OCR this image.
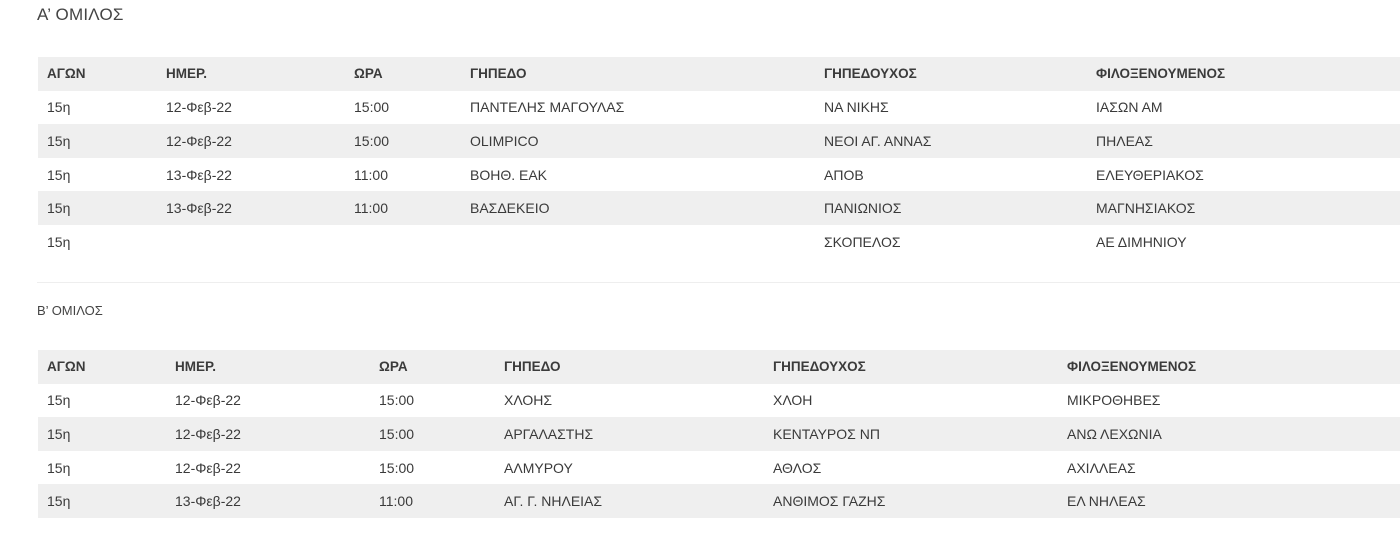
Α’ ΟΜΙΛΟΣ
ΑΓΩΝ	ΗΜΕΡ.	ΩΡΑ	ΓΗΠΕΔΟ	ΓΗΠΕΔΟΥΧΟΣ	ΦΙΛΟΞΕΝΟΥΜΕΝΟΣ
15η	12-Φεβ-22	15:00	ΠΑΝΤΕΛΗΣ ΜΑΓΟΥΛΑΣ	ΝΑ ΝΙΚΗΣ	ΙΑΣΩΝ ΑΜ
15η	12-Φεβ-22	15:00	OLIMPICO	ΝΕΟΙ ΑΓ. ΑΝΝΑΣ	ΠΗΛΕΑΣ
15η	13-Φεβ-22	11:00	ΒΟΗΘ. ΕΑΚ	ΑΠΟΒ	ΕΛΕΥΘΕΡΙΑΚΟΣ
15η	13-Φεβ-22	11:00	ΒΑΣΔΕΚΕΙΟ	ΠΑΝΙΩΝΙΟΣ	ΜΑΓΝΗΣΙΑΚΟΣ
15η				ΣΚΟΠΕΛΟΣ	ΑΕ ΔΙΜΗΝΙΟΥ
Β’ ΟΜΙΛΟΣ
ΑΓΩΝ	ΗΜΕΡ.	ΩΡΑ	ΓΗΠΕΔΟ	ΓΗΠΕΔΟΥΧΟΣ	ΦΙΛΟΞΕΝΟΥΜΕΝΟΣ
15η	12-Φεβ-22	15:00	ΧΛΟΗΣ	ΧΛΟΗ	ΜΙΚΡΟΘΗΒΕΣ
15η	12-Φεβ-22	15:00	ΑΡΓΑΛΑΣΤΗΣ	ΚΕΝΤΑΥΡΟΣ ΝΠ	ΑΝΩ ΛΕΧΩΝΙΑ
15η	12-Φεβ-22	15:00	ΑΛΜΥΡΟΥ	ΑΘΛΟΣ	ΑΧΙΛΛΕΑΣ
15η	13-Φεβ-22	11:00	ΑΓ. Γ. ΝΗΛΕΙΑΣ	ΑΝΘΙΜΟΣ ΓΑΖΗΣ	ΕΛ ΝΗΛΕΑΣ
